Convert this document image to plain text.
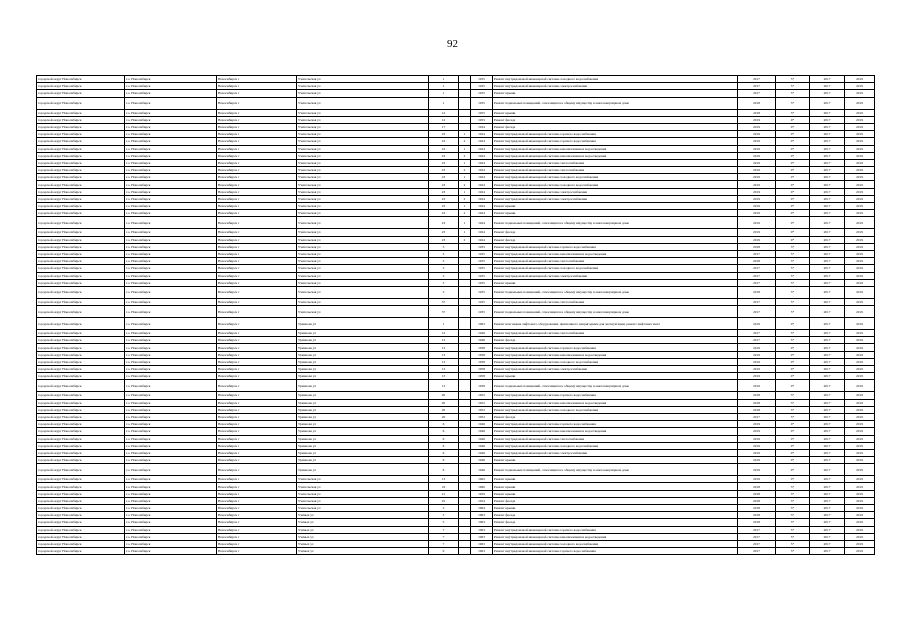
92
городской округ Новосибирск	г.о. Новосибирск	Новосибирск г	Учительская ул	1		1935	Ремонт внутридомовой инженерной системы холодного водоснабжения	2017	5*	2017	2019
городской округ Новосибирск	г.о. Новосибирск	Новосибирск г	Учительская ул	1		1935	Ремонт внутридомовой инженерной системы электроснабжения	2017	5*	2017	2019
городской округ Новосибирск	г.о. Новосибирск	Новосибирск г	Учительская ул	1		1935	Ремонт крыши	2017	5*	2017	2019
городской округ Новосибирск	г.о. Новосибирск	Новосибирск г	Учительская ул	1		1935	Ремонт подвальных помещений, относящихся к общему имуществу в многоквартирном доме	2018	3*	2017	2019
городской округ Новосибирск	г.о. Новосибирск	Новосибирск г	Учительская ул	12		1955	Ремонт крыши	2018	3*	2017	2019
городской округ Новосибирск	г.о. Новосибирск	Новосибирск г	Учительская ул	12		1955	Ремонт фасада	2019	0*	2017	2019
городской округ Новосибирск	г.о. Новосибирск	Новосибирск г	Учительская ул	17		1934	Ремонт фасада	2019	0*	2017	2019
городской округ Новосибирск	г.о. Новосибирск	Новосибирск г	Учительская ул	23	1	1924	Ремонт внутридомовой инженерной системы горячего водоснабжения	2019	0*	2017	2019
городской округ Новосибирск	г.о. Новосибирск	Новосибирск г	Учительская ул	23	2	1924	Ремонт внутридомовой инженерной системы горячего водоснабжения	2019	0*	2017	2019
городской округ Новосибирск	г.о. Новосибирск	Новосибирск г	Учительская ул	23	1	1924	Ремонт внутридомовой инженерной системы канализования и водоотведения	2019	0*	2017	2019
городской округ Новосибирск	г.о. Новосибирск	Новосибирск г	Учительская ул	23	2	1924	Ремонт внутридомовой инженерной системы канализования и водоотведения	2019	0*	2017	2019
городской округ Новосибирск	г.о. Новосибирск	Новосибирск г	Учительская ул	23	1	1924	Ремонт внутридомовой инженерной системы теплоснабжения	2019	0*	2017	2019
городской округ Новосибирск	г.о. Новосибирск	Новосибирск г	Учительская ул	23	2	1924	Ремонт внутридомовой инженерной системы теплоснабжения	2019	0*	2017	2019
городской округ Новосибирск	г.о. Новосибирск	Новосибирск г	Учительская ул	23	1	1924	Ремонт внутридомовой инженерной системы холодного водоснабжения	2019	0*	2017	2019
городской округ Новосибирск	г.о. Новосибирск	Новосибирск г	Учительская ул	23	2	1924	Ремонт внутридомовой инженерной системы холодного водоснабжения	2019	0*	2017	2019
городской округ Новосибирск	г.о. Новосибирск	Новосибирск г	Учительская ул	23	1	1924	Ремонт внутридомовой инженерной системы электроснабжения	2019	0*	2017	2019
городской округ Новосибирск	г.о. Новосибирск	Новосибирск г	Учительская ул	23	2	1924	Ремонт внутридомовой инженерной системы электроснабжения	2019	0*	2017	2019
городской округ Новосибирск	г.о. Новосибирск	Новосибирск г	Учительская ул	23	1	1924	Ремонт крыши	2019	0*	2017	2019
городской округ Новосибирск	г.о. Новосибирск	Новосибирск г	Учительская ул	23	2	1924	Ремонт крыши	2019	0*	2017	2019
городской округ Новосибирск	г.о. Новосибирск	Новосибирск г	Учительская ул	23	1	1924	Ремонт подвальных помещений, относящихся к общему имуществу в многоквартирном доме	2019	0*	2017	2019
городской округ Новосибирск	г.о. Новосибирск	Новосибирск г	Учительская ул	23	1	1924	Ремонт фасада	2019	0*	2017	2019
городской округ Новосибирск	г.о. Новосибирск	Новосибирск г	Учительская ул	23	2	1924	Ремонт фасада	2019	0*	2017	2019
городской округ Новосибирск	г.о. Новосибирск	Новосибирск г	Учительская ул	3		1935	Ремонт внутридомовой инженерной системы горячего водоснабжения	2018	3*	2017	2019
городской округ Новосибирск	г.о. Новосибирск	Новосибирск г	Учительская ул	3		1935	Ремонт внутридомовой инженерной системы канализования и водоотведения	2017	5*	2017	2019
городской округ Новосибирск	г.о. Новосибирск	Новосибирск г	Учительская ул	3		1935	Ремонт внутридомовой инженерной системы теплоснабжения	2018	3*	2017	2019
городской округ Новосибирск	г.о. Новосибирск	Новосибирск г	Учительская ул	3		1935	Ремонт внутридомовой инженерной системы холодного водоснабжения	2017	5*	2017	2019
городской округ Новосибирск	г.о. Новосибирск	Новосибирск г	Учительская ул	3		1935	Ремонт внутридомовой инженерной системы электроснабжения	2017	5*	2017	2019
городской округ Новосибирск	г.о. Новосибирск	Новосибирск г	Учительская ул	3		1935	Ремонт крыши	2017	5*	2017	2019
городской округ Новосибирск	г.о. Новосибирск	Новосибирск г	Учительская ул	3		1935	Ремонт подвальных помещений, относящихся к общему имуществу в многоквартирном доме	2018	3*	2017	2019
городской округ Новосибирск	г.о. Новосибирск	Новосибирск г	Учительская ул	37		1935	Ремонт внутридомовой инженерной системы теплоснабжения	2017	5*	2017	2019
городской округ Новосибирск	г.о. Новосибирск	Новосибирск г	Учительская ул	37		1935	Ремонт подвальных помещений, относящихся к общему имуществу в многоквартирном доме	2017	5*	2017	2019
городской округ Новосибирск	г.о. Новосибирск	Новосибирск г	Урманова ул	1		1993	Ремонт или замена лифтового оборудования, признанного непригодным для эксплуатации, ремонт лифтовых шахт	2019	0*	2017	2019
городской округ Новосибирск	г.о. Новосибирск	Новосибирск г	Урманова ул	12		1946	Ремонт внутридомовой инженерной системы теплоснабжения	2017	5*	2017	2019
городской округ Новосибирск	г.о. Новосибирск	Новосибирск г	Урманова ул	12		1946	Ремонт фасада	2017	5*	2017	2019
городской округ Новосибирск	г.о. Новосибирск	Новосибирск г	Урманова ул	13		1958	Ремонт внутридомовой инженерной системы горячего водоснабжения	2019	0*	2017	2019
городской округ Новосибирск	г.о. Новосибирск	Новосибирск г	Урманова ул	13		1958	Ремонт внутридомовой инженерной системы канализования и водоотведения	2019	0*	2017	2019
городской округ Новосибирск	г.о. Новосибирск	Новосибирск г	Урманова ул	13		1958	Ремонт внутридомовой инженерной системы холодного водоснабжения	2019	0*	2017	2019
городской округ Новосибирск	г.о. Новосибирск	Новосибирск г	Урманова ул	13		1958	Ремонт внутридомовой инженерной системы электроснабжения	2019	0*	2017	2019
городской округ Новосибирск	г.о. Новосибирск	Новосибирск г	Урманова ул	13		1958	Ремонт крыши	2019	0*	2017	2019
городской округ Новосибирск	г.о. Новосибирск	Новосибирск г	Урманова ул	13		1958	Ремонт подвальных помещений, относящихся к общему имуществу в многоквартирном доме	2019	0*	2017	2019
городской округ Новосибирск	г.о. Новосибирск	Новосибирск г	Урманова ул	20		1952	Ремонт внутридомовой инженерной системы горячего водоснабжения	2018	3*	2017	2019
городской округ Новосибирск	г.о. Новосибирск	Новосибирск г	Урманова ул	20		1952	Ремонт внутридомовой инженерной системы канализования и водоотведения	2018	3*	2017	2019
городской округ Новосибирск	г.о. Новосибирск	Новосибирск г	Урманова ул	20		1952	Ремонт внутридомовой инженерной системы холодного водоснабжения	2018	3*	2017	2019
городской округ Новосибирск	г.о. Новосибирск	Новосибирск г	Урманова ул	20		1952	Ремонт фасада	2017	5*	2017	2019
городской округ Новосибирск	г.о. Новосибирск	Новосибирск г	Урманова ул	6		1946	Ремонт внутридомовой инженерной системы горячего водоснабжения	2019	0*	2017	2019
городской округ Новосибирск	г.о. Новосибирск	Новосибирск г	Урманова ул	6		1946	Ремонт внутридомовой инженерной системы канализования и водоотведения	2019	0*	2017	2019
городской округ Новосибирск	г.о. Новосибирск	Новосибирск г	Урманова ул	6		1946	Ремонт внутридомовой инженерной системы теплоснабжения	2019	0*	2017	2019
городской округ Новосибирск	г.о. Новосибирск	Новосибирск г	Урманова ул	6		1946	Ремонт внутридомовой инженерной системы холодного водоснабжения	2019	0*	2017	2019
городской округ Новосибирск	г.о. Новосибирск	Новосибирск г	Урманова ул	6		1946	Ремонт внутридомовой инженерной системы электроснабжения	2019	0*	2017	2019
городской округ Новосибирск	г.о. Новосибирск	Новосибирск г	Урманова ул	6		1946	Ремонт крыши	2019	0*	2017	2019
городской округ Новосибирск	г.о. Новосибирск	Новосибирск г	Урманова ул	6		1946	Ремонт подвальных помещений, относящихся к общему имуществу в многоквартирном доме	2019	0*	2017	2019
городской округ Новосибирск	г.о. Новосибирск	Новосибирск г	Учительская ул	13		1962	Ремонт крыши	2019	0*	2017	2019
городской округ Новосибирск	г.о. Новосибирск	Новосибирск г	Учительская ул	19		1960	Ремонт крыши	2018	3*	2017	2019
городской округ Новосибирск	г.о. Новосибирск	Новосибирск г	Учительская ул	21		1959	Ремонт крыши	2018	3*	2017	2019
городской округ Новосибирск	г.о. Новосибирск	Новосибирск г	Учительская ул	25		1954	Ремонт фасада	2018	3*	2017	2019
городской округ Новосибирск	г.о. Новосибирск	Новосибирск г	Учительская ул	3		1964	Ремонт крыши	2018	3*	2017	2019
городской округ Новосибирск	г.о. Новосибирск	Новосибирск г	Учёных ул	3		1963	Ремонт фасада	2018	3*	2017	2019
городской округ Новосибирск	г.о. Новосибирск	Новосибирск г	Учёных ул	5		1963	Ремонт фасада	2018	3*	2017	2019
городской округ Новосибирск	г.о. Новосибирск	Новосибирск г	Учёных ул	7		1963	Ремонт внутридомовой инженерной системы горячего водоснабжения	2017	5*	2017	2019
городской округ Новосибирск	г.о. Новосибирск	Новосибирск г	Учёных ул	7		1963	Ремонт внутридомовой инженерной системы канализования и водоотведения	2017	5*	2017	2019
городской округ Новосибирск	г.о. Новосибирск	Новосибирск г	Учёных ул	7		1963	Ремонт внутридомовой инженерной системы холодного водоснабжения	2017	5*	2017	2019
городской округ Новосибирск	г.о. Новосибирск	Новосибирск г	Учёных ул	9		1963	Ремонт внутридомовой инженерной системы горячего водоснабжения	2017	5*	2017	2019
